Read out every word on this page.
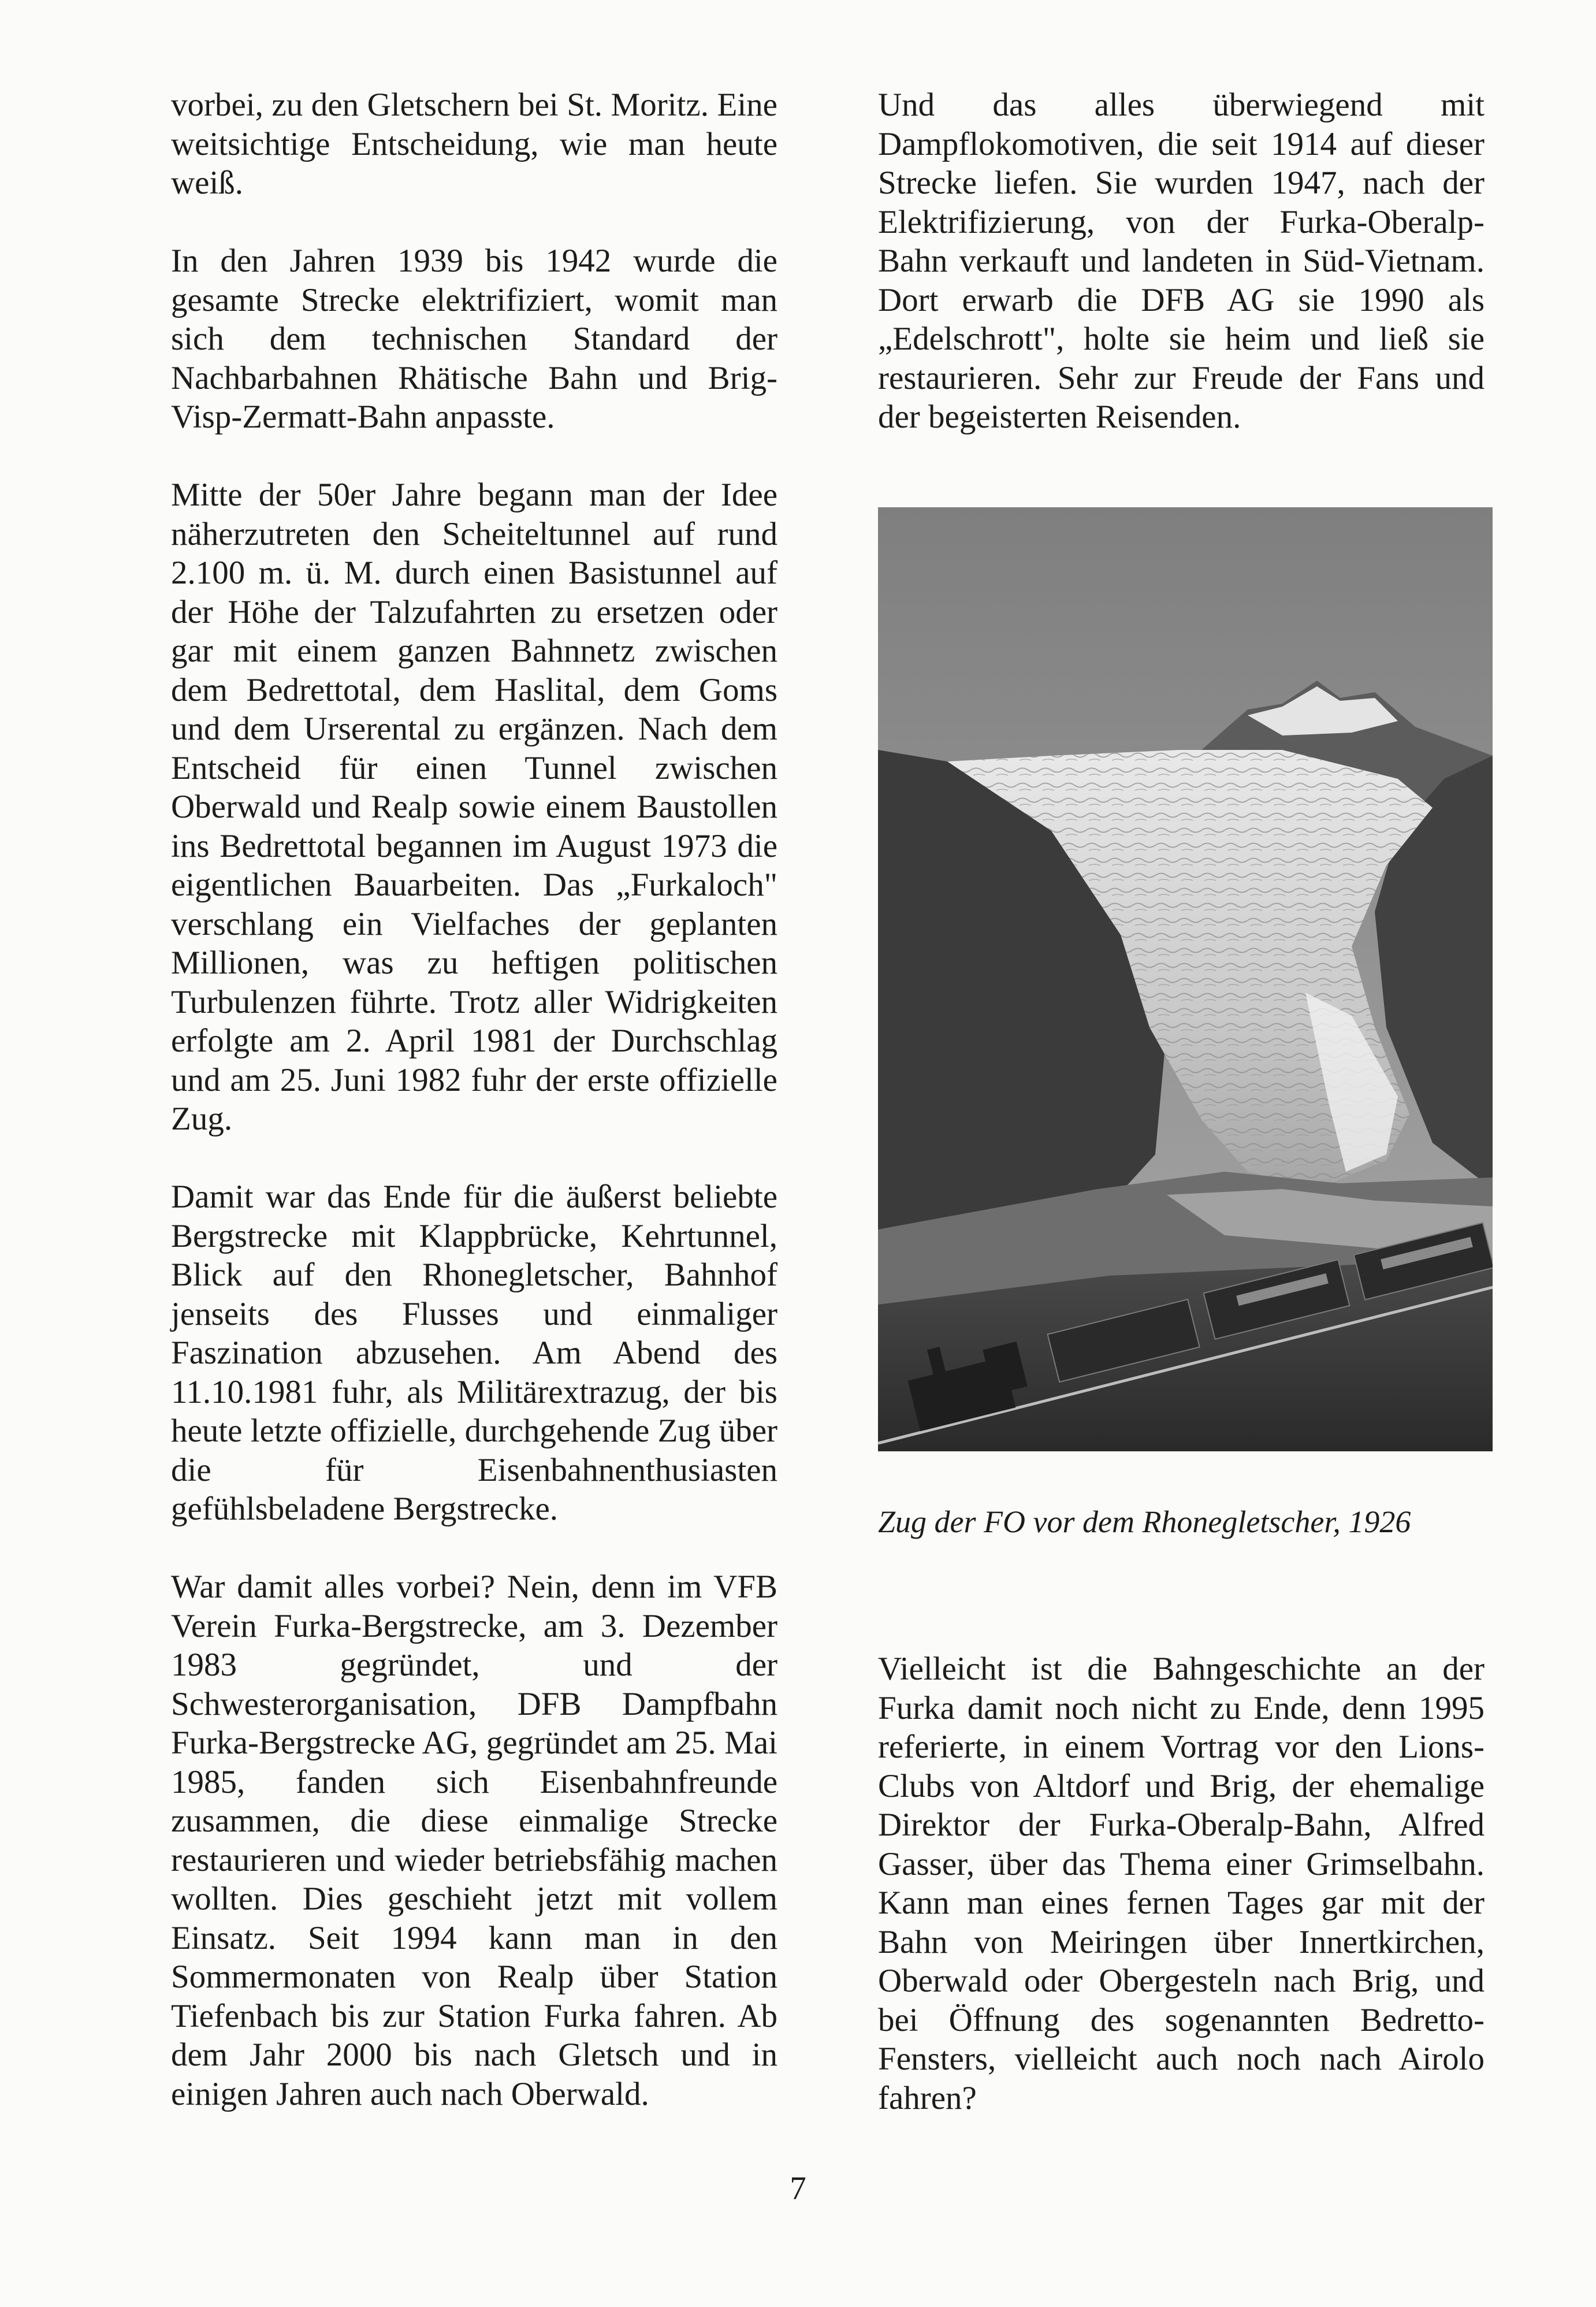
vorbei, zu den Gletschern bei St. Moritz. Eine weitsichtige Entscheidung, wie man heute weiß.

In den Jahren 1939 bis 1942 wurde die gesamte Strecke elektrifiziert, womit man sich dem technischen Standard der Nachbarbahnen Rhätische Bahn und Brig-Visp-Zermatt-Bahn anpasste.

Mitte der 50er Jahre begann man der Idee näherzutreten den Scheiteltunnel auf rund 2.100 m. ü. M. durch einen Basistunnel auf der Höhe der Talzufahrten zu ersetzen oder gar mit einem ganzen Bahnnetz zwischen dem Bedrettotal, dem Haslital, dem Goms und dem Urserental zu ergänzen. Nach dem Entscheid für einen Tunnel zwischen Oberwald und Realp sowie einem Baustollen ins Bedrettotal begannen im August 1973 die eigentlichen Bauarbeiten. Das „Furkaloch" verschlang ein Vielfaches der geplanten Millionen, was zu heftigen politischen Turbulenzen führte. Trotz aller Widrigkeiten erfolgte am 2. April 1981 der Durchschlag und am 25. Juni 1982 fuhr der erste offizielle Zug.

Damit war das Ende für die äußerst beliebte Bergstrecke mit Klappbrücke, Kehrtunnel, Blick auf den Rhonegletscher, Bahnhof jenseits des Flusses und einmaliger Faszination abzusehen. Am Abend des 11.10.1981 fuhr, als Militärextrazug, der bis heute letzte offizielle, durchgehende Zug über die für Eisenbahnenthusiasten gefühlsbeladene Bergstrecke.

War damit alles vorbei? Nein, denn im VFB Verein Furka-Bergstrecke, am 3. Dezember 1983 gegründet, und der Schwesterorganisation, DFB Dampfbahn Furka-Bergstrecke AG, gegründet am 25. Mai 1985, fanden sich Eisenbahnfreunde zusammen, die diese einmalige Strecke restaurieren und wieder betriebsfähig machen wollten. Dies geschieht jetzt mit vollem Einsatz. Seit 1994 kann man in den Sommermonaten von Realp über Station Tiefenbach bis zur Station Furka fahren. Ab dem Jahr 2000 bis nach Gletsch und in einigen Jahren auch nach Oberwald.

Und das alles überwiegend mit Dampflokomotiven, die seit 1914 auf dieser Strecke liefen. Sie wurden 1947, nach der Elektrifizierung, von der Furka-Oberalp-Bahn verkauft und landeten in Süd-Vietnam. Dort erwarb die DFB AG sie 1990 als „Edelschrott", holte sie heim und ließ sie restaurieren. Sehr zur Freude der Fans und der begeisterten Reisenden.

Zug der FO vor dem Rhonegletscher, 1926

Vielleicht ist die Bahngeschichte an der Furka damit noch nicht zu Ende, denn 1995 referierte, in einem Vortrag vor den Lions-Clubs von Altdorf und Brig, der ehemalige Direktor der Furka-Oberalp-Bahn, Alfred Gasser, über das Thema einer Grimselbahn. Kann man eines fernen Tages gar mit der Bahn von Meiringen über Innertkirchen, Oberwald oder Obergesteln nach Brig, und bei Öffnung des sogenannten Bedretto-Fensters, vielleicht auch noch nach Airolo fahren?

7
